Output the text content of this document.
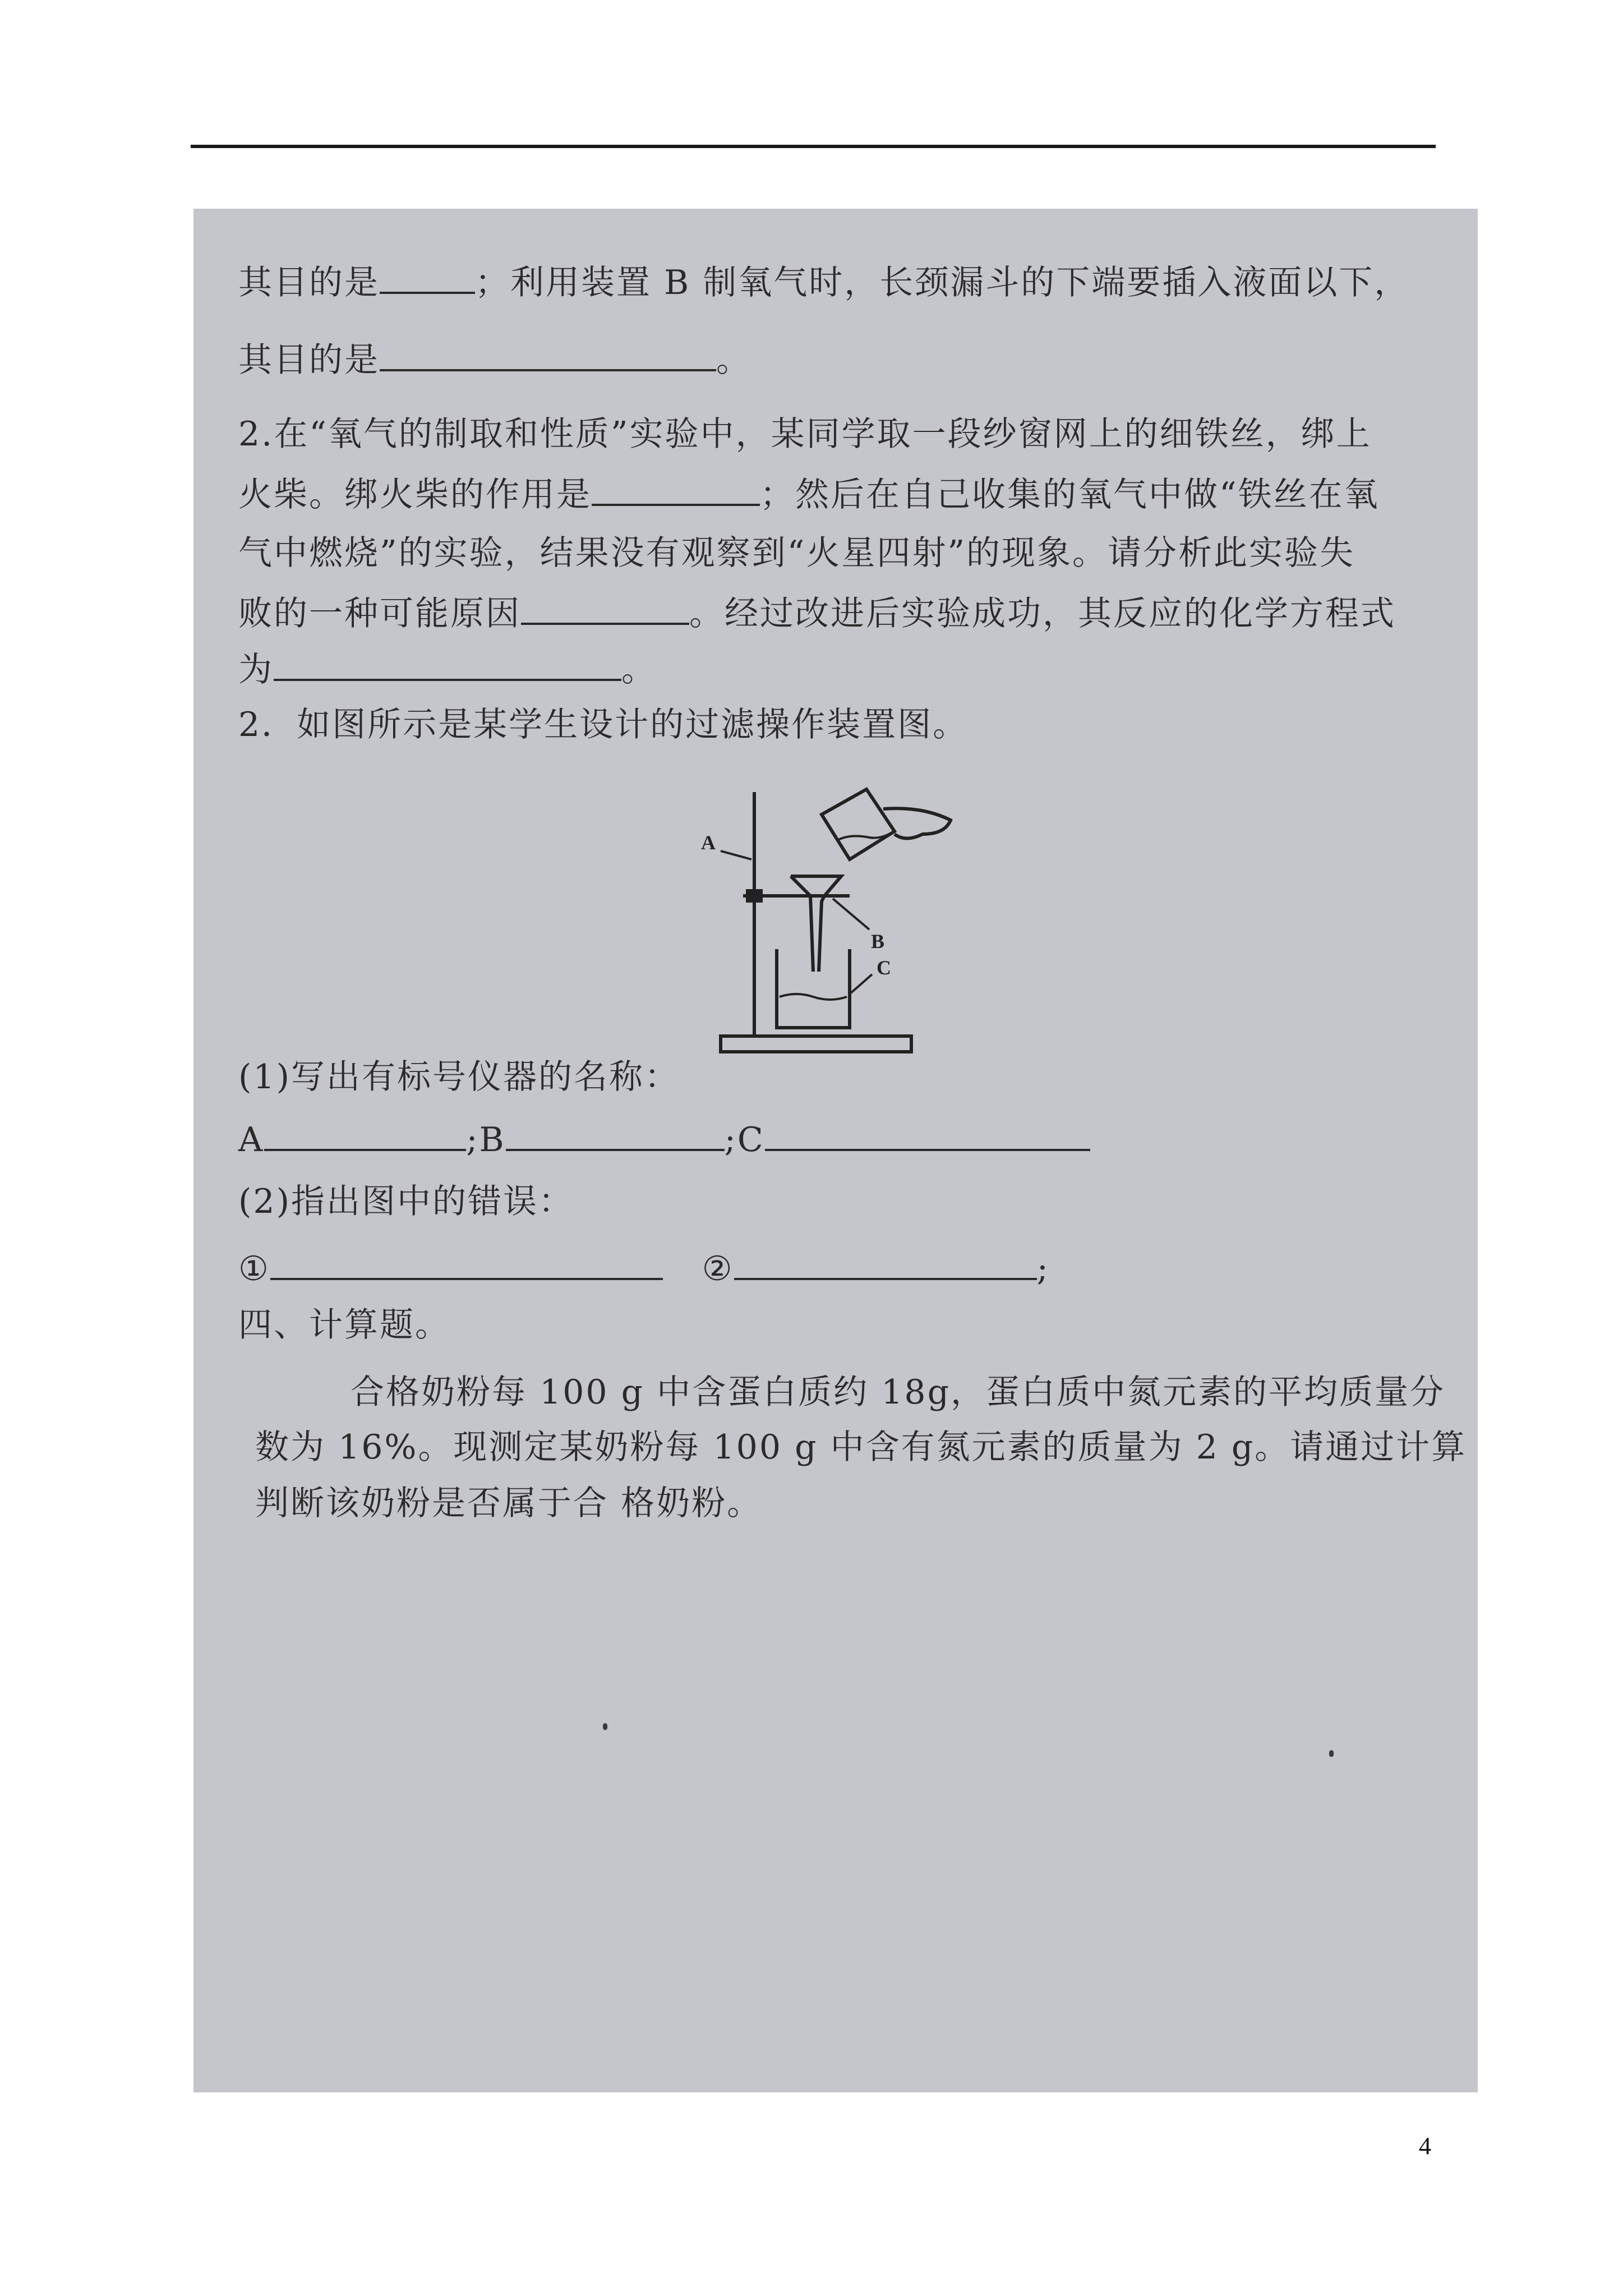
其目的是	；利用装置 B 制氧气时，长颈漏斗的下端要插入液面以下，
其目的是	。
2.在“氧气的制取和性质”实验中，某同学取一段纱窗网上的细铁丝，绑上
火柴。绑火柴的作用是	；然后在自己收集的氧气中做“铁丝在氧
气中燃烧”的实验，结果没有观察到“火星四射”的现象。请分析此实验失
败的一种可能原因	。经过改进后实验成功，其反应的化学方程式
为	。
2．如图所示是某学生设计的过滤操作装置图。
A
B
C
(1)写出有标号仪器的名称：
A	;B	;C
(2)指出图中的错误：
①	②	;
四、计算题。
合格奶粉每 100 g 中含蛋白质约 18g，蛋白质中氮元素的平均质量分
数为 16%。现测定某奶粉每 100 g 中含有氮元素的质量为 2 g。请通过计算
判断该奶粉是否属于合 格奶粉。
4
